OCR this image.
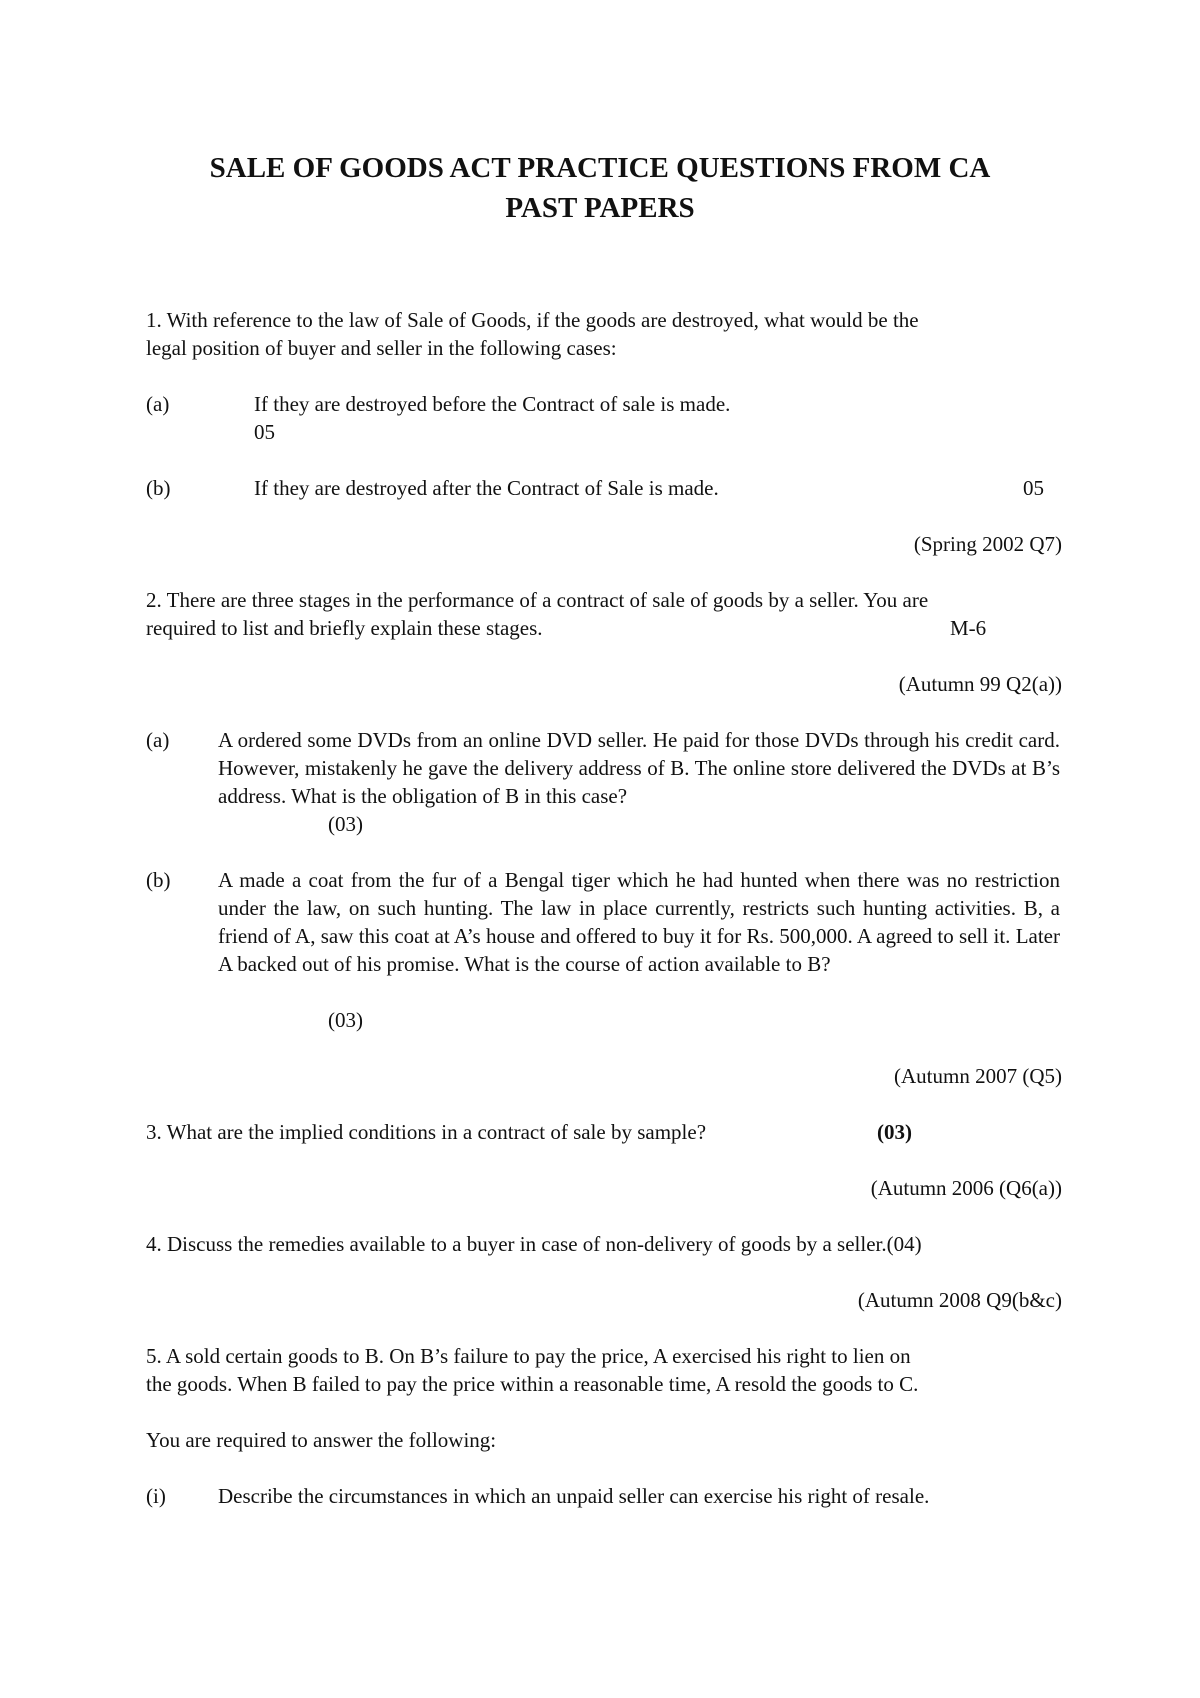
SALE OF GOODS ACT PRACTICE QUESTIONS FROM CA
PAST PAPERS
1. With reference to the law of Sale of Goods, if the goods are destroyed, what would be the
legal position of buyer and seller in the following cases:
(a)	If they are destroyed before the Contract of sale is made.
05
(b)	If they are destroyed after the Contract of Sale is made.	05
(Spring 2002 Q7)
2. There are three stages in the performance of a contract of sale of goods by a seller. You are
required to list and briefly explain these stages.	M-6
(Autumn 99 Q2(a))
(a) A ordered some DVDs from an online DVD seller. He paid for those DVDs through his credit card. However, mistakenly he gave the delivery address of B. The online store delivered the DVDs at B’s address. What is the obligation of B in this case?
(03)
(b) A made a coat from the fur of a Bengal tiger which he had hunted when there was no restriction under the law, on such hunting. The law in place currently, restricts such hunting activities. B, a friend of A, saw this coat at A’s house and offered to buy it for Rs. 500,000. A agreed to sell it. Later A backed out of his promise. What is the course of action available to B?
(03)
(Autumn 2007 (Q5)
3. What are the implied conditions in a contract of sale by sample?	(03)
(Autumn 2006 (Q6(a))
4. Discuss the remedies available to a buyer in case of non-delivery of goods by a seller.(04)
(Autumn 2008 Q9(b&c)
5. A sold certain goods to B. On B’s failure to pay the price, A exercised his right to lien on
the goods. When B failed to pay the price within a reasonable time, A resold the goods to C.
You are required to answer the following:
(i) Describe the circumstances in which an unpaid seller can exercise his right of resale.
